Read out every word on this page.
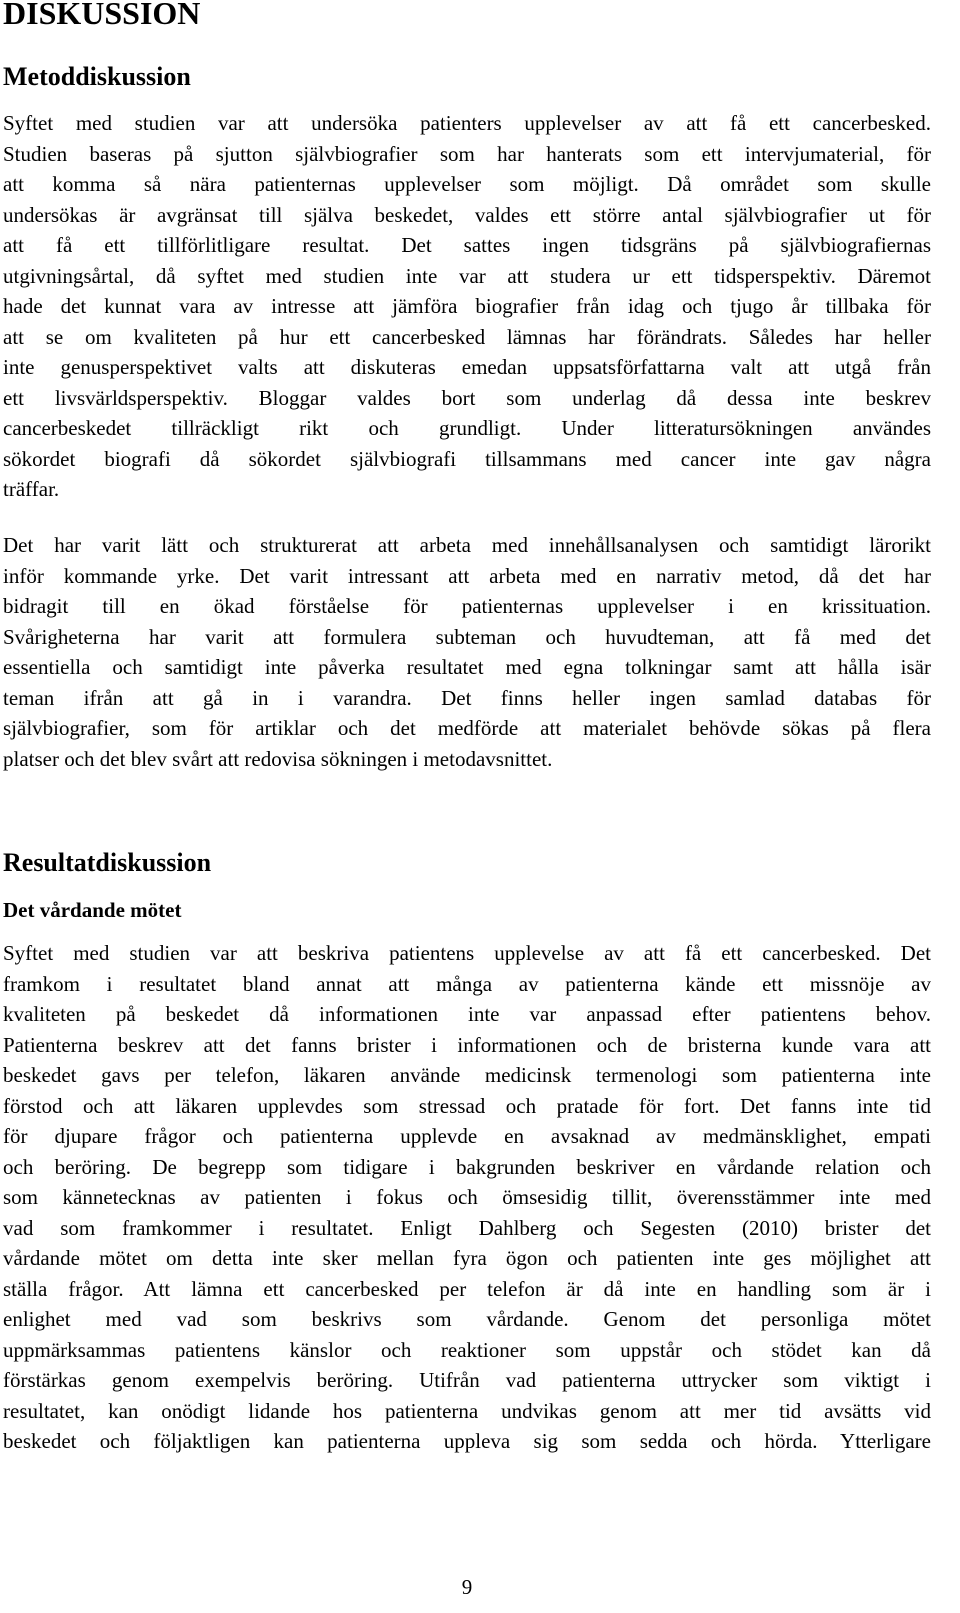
DISKUSSION
Metoddiskussion
Syftet med studien var att undersöka patienters upplevelser av att få ett cancerbesked.
Studien baseras på sjutton självbiografier som har hanterats som ett intervjumaterial, för
att komma så nära patienternas upplevelser som möjligt. Då området som skulle
undersökas är avgränsat till själva beskedet, valdes ett större antal självbiografier ut för
att få ett tillförlitligare resultat. Det sattes ingen tidsgräns på självbiografiernas
utgivningsårtal, då syftet med studien inte var att studera ur ett tidsperspektiv. Däremot
hade det kunnat vara av intresse att jämföra biografier från idag och tjugo år tillbaka för
att se om kvaliteten på hur ett cancerbesked lämnas har förändrats. Således har heller
inte genusperspektivet valts att diskuteras emedan uppsatsförfattarna valt att utgå från
ett livsvärldsperspektiv. Bloggar valdes bort som underlag då dessa inte beskrev
cancerbeskedet tillräckligt rikt och grundligt. Under litteratursökningen användes
sökordet biografi då sökordet självbiografi tillsammans med cancer inte gav några
träffar.
Det har varit lätt och strukturerat att arbeta med innehållsanalysen och samtidigt lärorikt
inför kommande yrke. Det varit intressant att arbeta med en narrativ metod, då det har
bidragit till en ökad förståelse för patienternas upplevelser i en krissituation.
Svårigheterna har varit att formulera subteman och huvudteman, att få med det
essentiella och samtidigt inte påverka resultatet med egna tolkningar samt att hålla isär
teman ifrån att gå in i varandra. Det finns heller ingen samlad databas för
självbiografier, som för artiklar och det medförde att materialet behövde sökas på flera
platser och det blev svårt att redovisa sökningen i metodavsnittet.
Resultatdiskussion
Det vårdande mötet
Syftet med studien var att beskriva patientens upplevelse av att få ett cancerbesked. Det
framkom i resultatet bland annat att många av patienterna kände ett missnöje av
kvaliteten på beskedet då informationen inte var anpassad efter patientens behov.
Patienterna beskrev att det fanns brister i informationen och de bristerna kunde vara att
beskedet gavs per telefon, läkaren använde medicinsk termenologi som patienterna inte
förstod och att läkaren upplevdes som stressad och pratade för fort. Det fanns inte tid
för djupare frågor och patienterna upplevde en avsaknad av medmänsklighet, empati
och beröring. De begrepp som tidigare i bakgrunden beskriver en vårdande relation och
som kännetecknas av patienten i fokus och ömsesidig tillit, överensstämmer inte med
vad som framkommer i resultatet. Enligt Dahlberg och Segesten (2010) brister det
vårdande mötet om detta inte sker mellan fyra ögon och patienten inte ges möjlighet att
ställa frågor. Att lämna ett cancerbesked per telefon är då inte en handling som är i
enlighet med vad som beskrivs som vårdande. Genom det personliga mötet
uppmärksammas patientens känslor och reaktioner som uppstår och stödet kan då
förstärkas genom exempelvis beröring. Utifrån vad patienterna uttrycker som viktigt i
resultatet, kan onödigt lidande hos patienterna undvikas genom att mer tid avsätts vid
beskedet och följaktligen kan patienterna uppleva sig som sedda och hörda. Ytterligare
9
